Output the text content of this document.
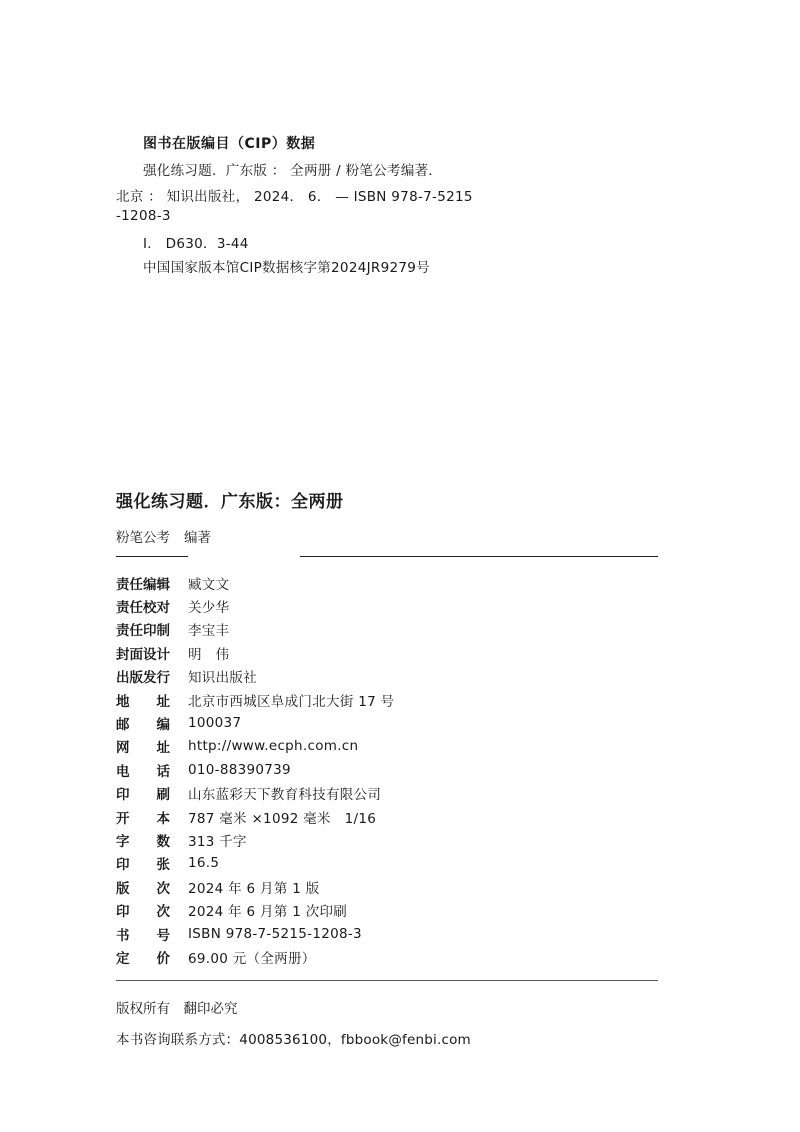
图书在版编目（CIP）数据
强化练习题．广东版 ： 全两册 / 粉笔公考编著．
北京 ： 知识出版社， 2024． 6． — ISBN 978-7-5215
-1208-3
Ⅰ． D630．3-44
中国国家版本馆CIP数据核字第2024JR9279号
强化练习题．广东版：全两册
粉笔公考 编著
责任编辑	臧文文
责任校对	关少华
责任印制	李宝丰
封面设计	明　伟
出版发行	知识出版社
地　　址	北京市西城区阜成门北大街 17 号
邮　　编	100037
网　　址	http://www.ecph.com.cn
电　　话	010-88390739
印　　刷	山东蓝彩天下教育科技有限公司
开　　本	787 毫米 ×1092 毫米　1/16
字　　数	313 千字
印　　张	16.5
版　　次	2024 年 6 月第 1 版
印　　次	2024 年 6 月第 1 次印刷
书　　号	ISBN 978-7-5215-1208-3
定　　价	69.00 元（全两册）
版权所有　翻印必究
本书咨询联系方式：4008536100，fbbook@fenbi.com
